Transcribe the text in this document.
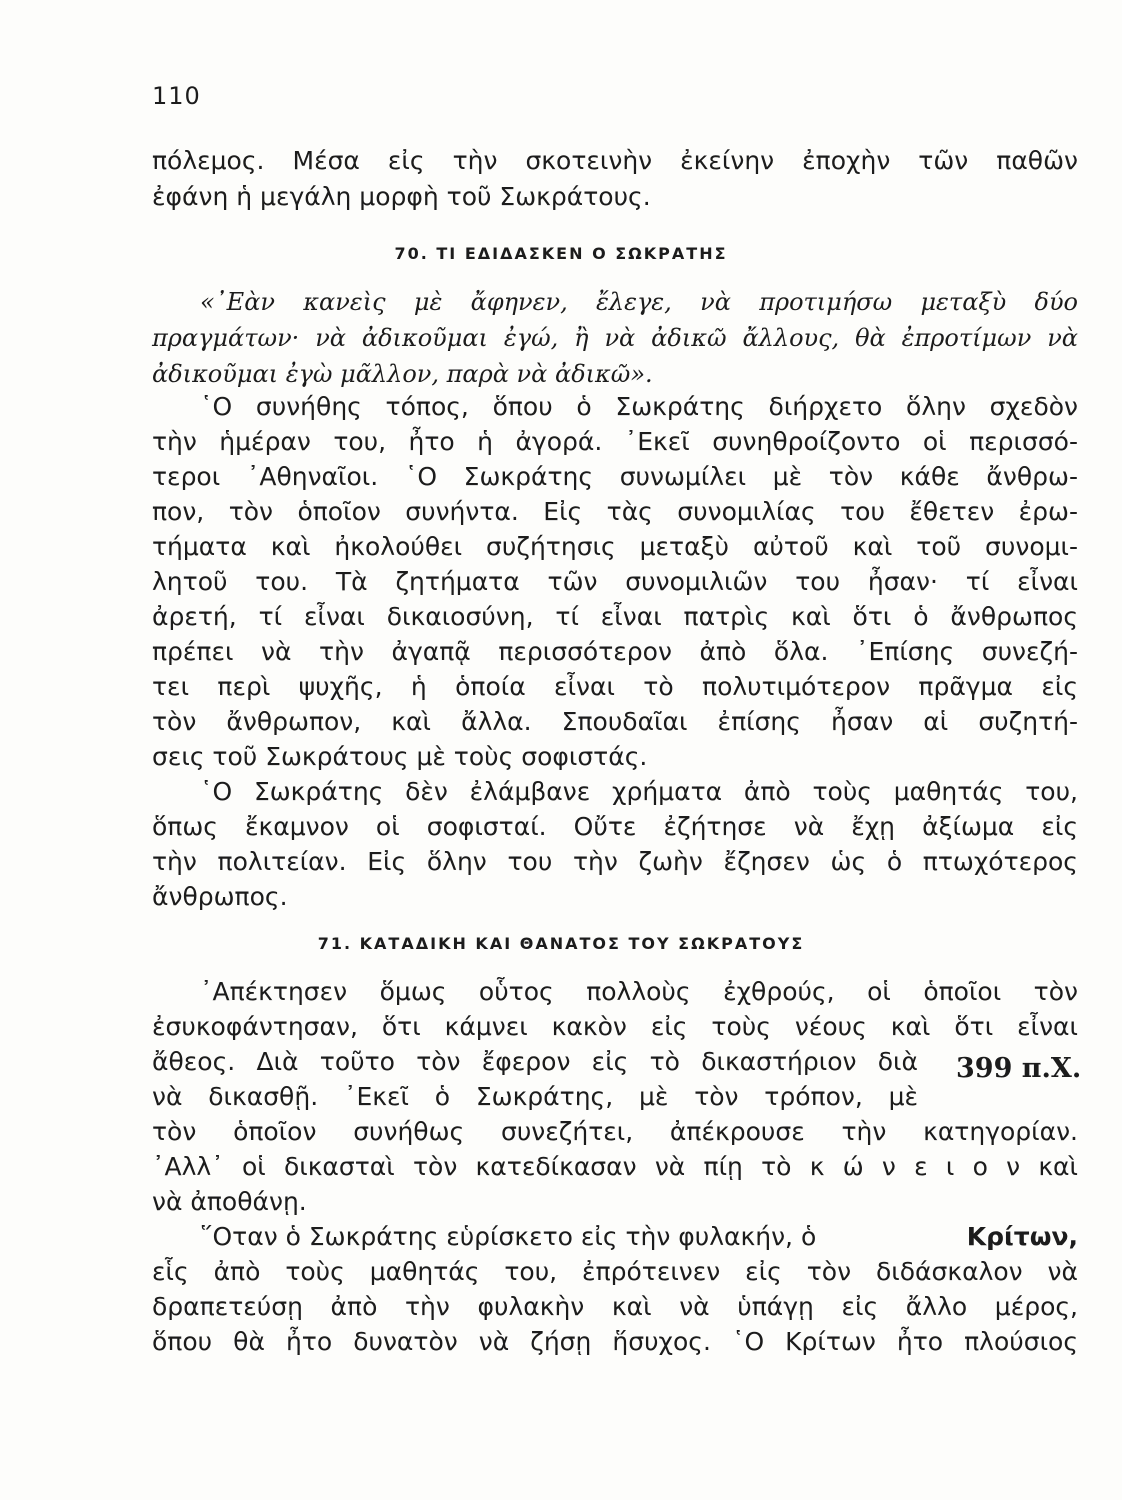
110
πόλεμος. Μέσα εἰς τὴν σκοτεινὴν ἐκείνην ἐποχὴν τῶν παθῶν
ἐφάνη ἡ μεγάλη μορφὴ τοῦ Σωκράτους.
70. ΤΙ ΕΔΙΔΑΣΚΕΝ Ο ΣΩΚΡΑΤΗΣ
«᾿Εὰν κανεὶς μὲ ἄφηνεν, ἔλεγε, νὰ προτιμήσω μεταξὺ δύο
πραγμάτων· νὰ ἀδικοῦμαι ἐγώ, ἢ νὰ ἀδικῶ ἄλλους, θὰ ἐπροτίμων νὰ
ἀδικοῦμαι ἐγὼ μᾶλλον, παρὰ νὰ ἀδικῶ».
῾Ο συνήθης τόπος, ὅπου ὁ Σωκράτης διήρχετο ὅλην σχεδὸν
τὴν ἡμέραν του, ἦτο ἡ ἀγορά. ᾿Εκεῖ συνηθροίζοντο οἱ περισσό-
τεροι ᾿Αθηναῖοι. ῾Ο Σωκράτης συνωμίλει μὲ τὸν κάθε ἄνθρω-
πον, τὸν ὁποῖον συνήντα. Εἰς τὰς συνομιλίας του ἔθετεν ἐρω-
τήματα καὶ ἠκολούθει συζήτησις μεταξὺ αὐτοῦ καὶ τοῦ συνομι-
λητοῦ του. Τὰ ζητήματα τῶν συνομιλιῶν του ἦσαν· τί εἶναι
ἀρετή, τί εἶναι δικαιοσύνη, τί εἶναι πατρὶς καὶ ὅτι ὁ ἄνθρωπος
πρέπει νὰ τὴν ἀγαπᾷ περισσότερον ἀπὸ ὅλα. ᾿Επίσης συνεζή-
τει περὶ ψυχῆς, ἡ ὁποία εἶναι τὸ πολυτιμότερον πρᾶγμα εἰς
τὸν ἄνθρωπον, καὶ ἄλλα. Σπουδαῖαι ἐπίσης ἦσαν αἱ συζητή-
σεις τοῦ Σωκράτους μὲ τοὺς σοφιστάς.
῾Ο Σωκράτης δὲν ἐλάμβανε χρήματα ἀπὸ τοὺς μαθητάς του,
ὅπως ἔκαμνον οἱ σοφισταί. Οὔτε ἐζήτησε νὰ ἔχῃ ἀξίωμα εἰς
τὴν πολιτείαν. Εἰς ὅλην του τὴν ζωὴν ἔζησεν ὡς ὁ πτωχότερος
ἄνθρωπος.
71. ΚΑΤΑΔΙΚΗ ΚΑΙ ΘΑΝΑΤΟΣ ΤΟΥ ΣΩΚΡΑΤΟΥΣ
᾿Απέκτησεν ὅμως οὗτος πολλοὺς ἐχθρούς, οἱ ὁποῖοι τὸν
ἐσυκοφάντησαν, ὅτι κάμνει κακὸν εἰς τοὺς νέους καὶ ὅτι εἶναι
ἄθεος. Διὰ τοῦτο τὸν ἔφερον εἰς τὸ δικαστήριον διὰ
νὰ δικασθῇ. ᾿Εκεῖ ὁ Σωκράτης, μὲ τὸν τρόπον, μὲ
399 π.Χ.
τὸν ὁποῖον συνήθως συνεζήτει, ἀπέκρουσε τὴν κατηγορίαν.
᾿Αλλ᾿ οἱ δικασταὶ τὸν κατεδίκασαν νὰ πίῃ τὸ κ ώ ν ε ι ο ν καὶ
νὰ ἀποθάνῃ.
῞Οταν ὁ Σωκράτης εὑρίσκετο εἰς τὴν φυλακήν, ὁ	Κρίτων,
εἷς ἀπὸ τοὺς μαθητάς του, ἐπρότεινεν εἰς τὸν διδάσκαλον νὰ
δραπετεύσῃ ἀπὸ τὴν φυλακὴν καὶ νὰ ὑπάγῃ εἰς ἄλλο μέρος,
ὅπου θὰ ἦτο δυνατὸν νὰ ζήσῃ ἥσυχος. ῾Ο Κρίτων ἦτο πλούσιος
